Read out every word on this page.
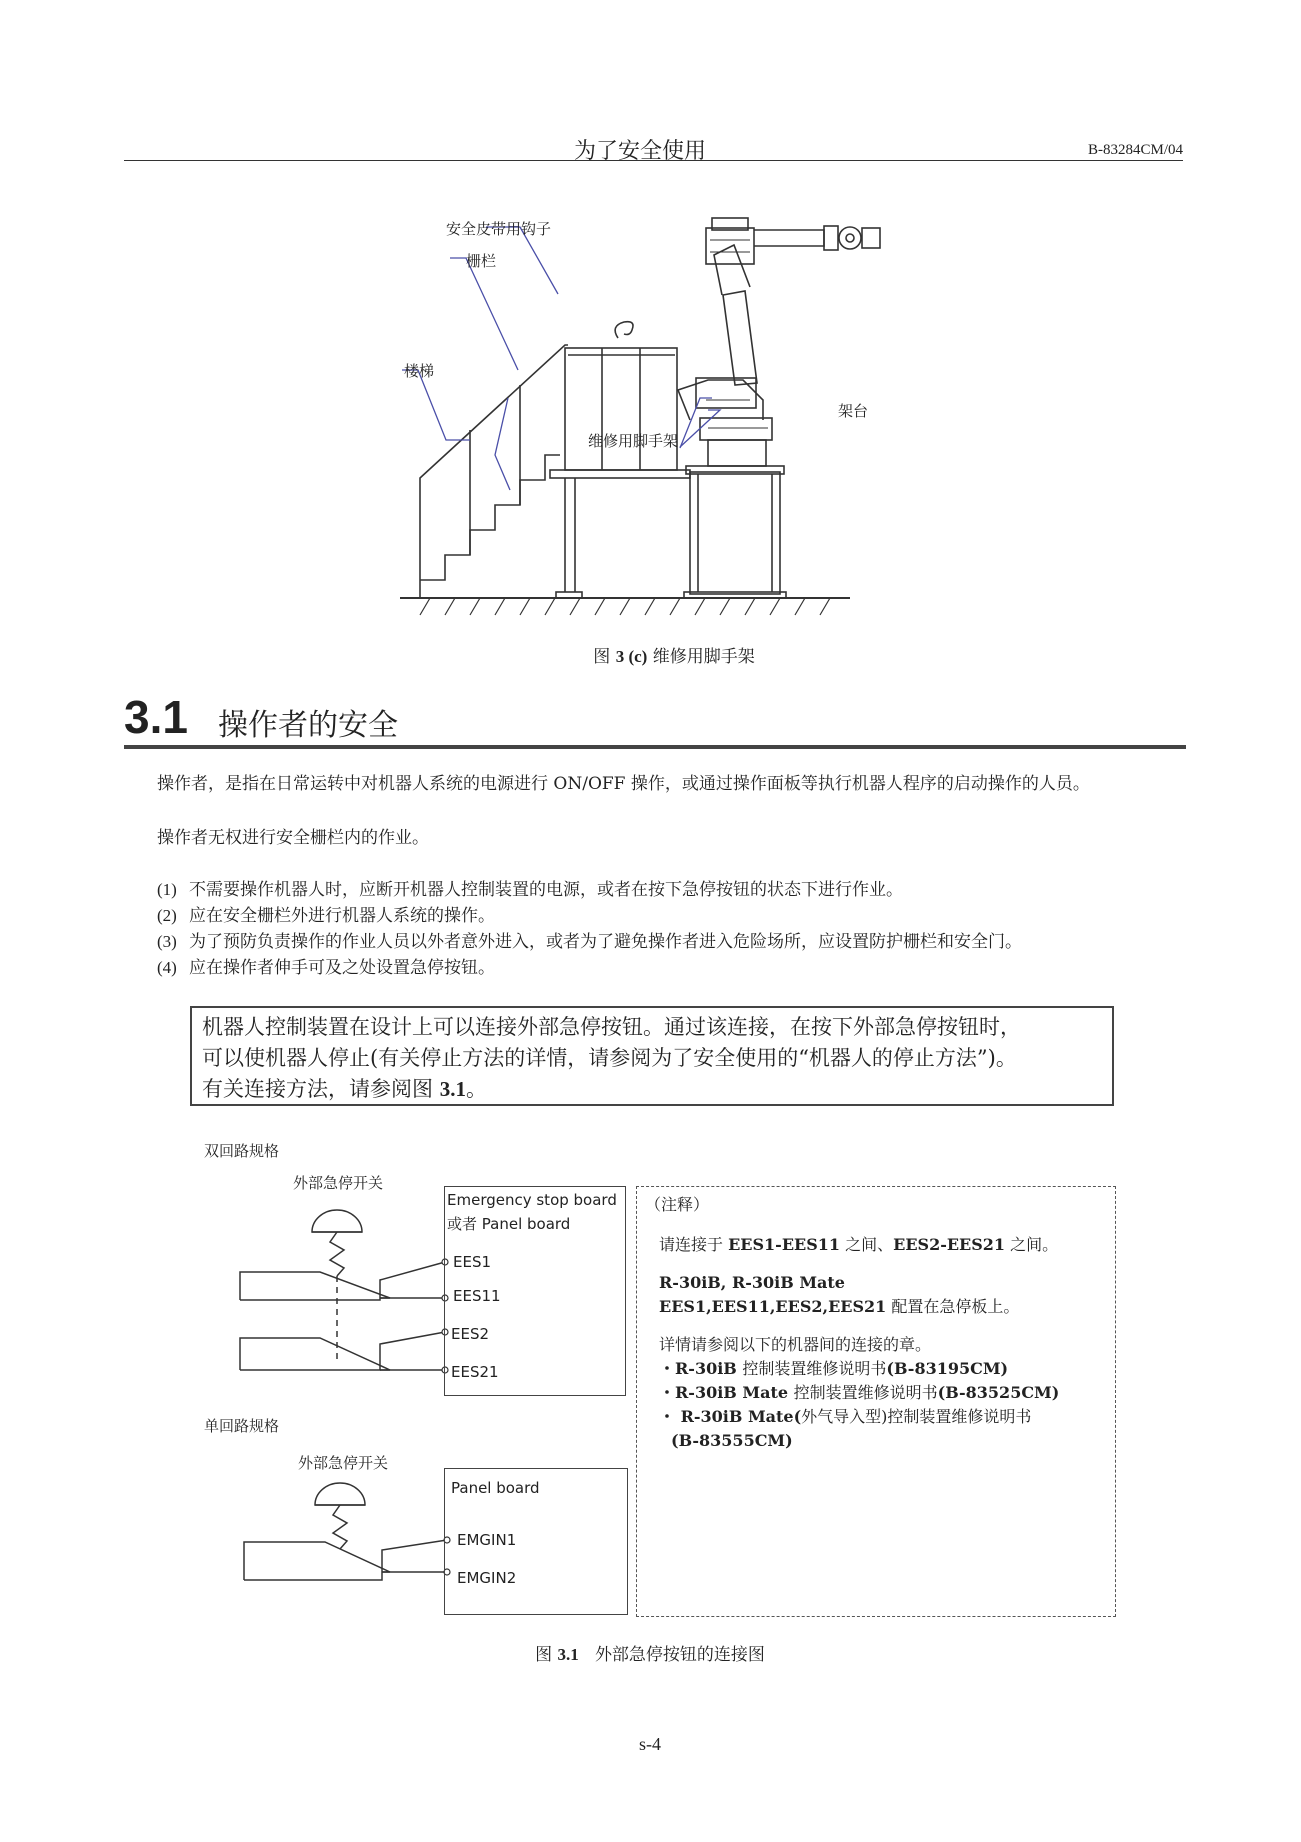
为了安全使用	B-83284CM/04
安全皮带用钩子
栅栏
楼梯
维修用脚手架
架台
图 3 (c) 维修用脚手架
3.1 操作者的安全
操作者，是指在日常运转中对机器人系统的电源进行 ON/OFF 操作，或通过操作面板等执行机器人程序的启动操作的人员。
操作者无权进行安全栅栏内的作业。
(1) 不需要操作机器人时，应断开机器人控制装置的电源，或者在按下急停按钮的状态下进行作业。
(2) 应在安全栅栏外进行机器人系统的操作。
(3) 为了预防负责操作的作业人员以外者意外进入，或者为了避免操作者进入危险场所，应设置防护栅栏和安全门。
(4) 应在操作者伸手可及之处设置急停按钮。
机器人控制装置在设计上可以连接外部急停按钮。通过该连接，在按下外部急停按钮时，
可以使机器人停止(有关停止方法的详情，请参阅为了安全使用的“机器人的停止方法”)。
有关连接方法，请参阅图 3.1。
双回路规格
外部急停开关
单回路规格
外部急停开关
Emergency stop board
或者 Panel board
EES1
EES11
EES2
EES21
Panel board
EMGIN1
EMGIN2

（注释）

请连接于 EES1-EES11 之间、EES2-EES21 之间。

R-30iB, R-30iB Mate

EES1,EES11,EES2,EES21 配置在急停板上。

详情请参阅以下的机器间的连接的章。

・R-30iB 控制装置维修说明书(B-83195CM)

・R-30iB Mate 控制装置维修说明书(B-83525CM)

・ R-30iB Mate(外气导入型)控制装置维修说明书
(B-83555CM)

图 3.1 外部急停按钮的连接图
s-4
